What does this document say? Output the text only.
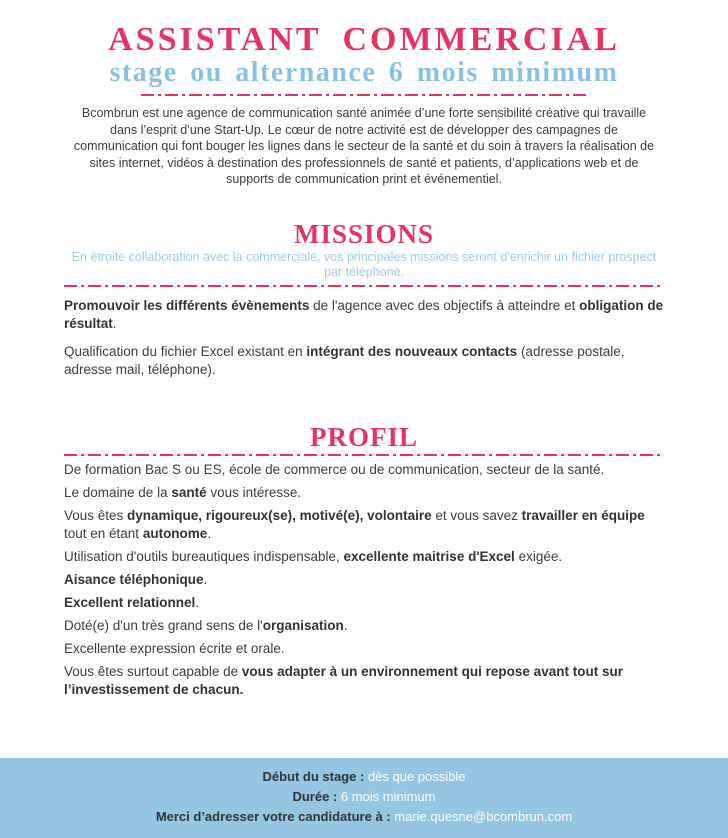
ASSISTANT COMMERCIAL
stage ou alternance 6 mois minimum

Bcombrun est une agence de communication santé animée d’une forte sensibilité créative qui travaille dans l’esprit d’une Start-Up. Le cœur de notre activité est de développer des campagnes de communication qui font bouger les lignes dans le secteur de la santé et du soin à travers la réalisation de sites internet, vidéos à destination des professionnels de santé et patients, d’applications web et de supports de communication print et événementiel.

MISSIONS

En étroite collaboration avec la commerciale, vos principales missions seront d'enrichir un fichier prospect par téléphone.

Promouvoir les différents évènements de l'agence avec des objectifs à atteindre et obligation de résultat.

Qualification du fichier Excel existant en intégrant des nouveaux contacts (adresse postale, adresse mail, téléphone).

PROFIL

De formation Bac S ou ES, école de commerce ou de communication, secteur de la santé.

Le domaine de la santé vous intéresse.

Vous êtes dynamique, rigoureux(se), motivé(e), volontaire et vous savez travailler en équipe tout en étant autonome.

Utilisation d'outils bureautiques indispensable, excellente maitrise d'Excel exigée.

Aisance téléphonique.

Excellent relationnel.

Doté(e) d'un très grand sens de l'organisation.

Excellente expression écrite et orale.

Vous êtes surtout capable de vous adapter à un environnement qui repose avant tout sur l’investissement de chacun.

Début du stage : dès que possible
Durée : 6 mois minimum
Merci d’adresser votre candidature à : marie.quesne@bcombrun.com
